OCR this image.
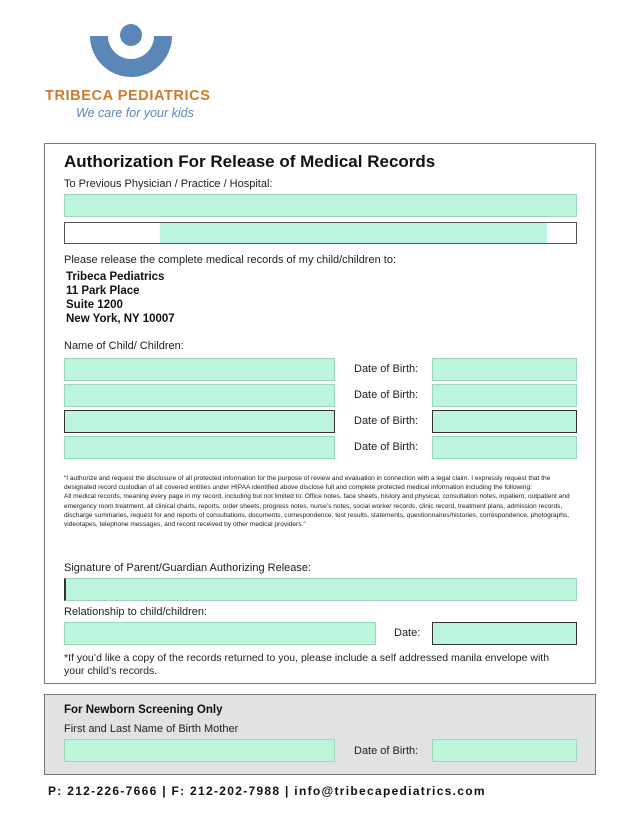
TRIBECA PEDIATRICS
We care for your kids
Authorization For Release of Medical Records
To Previous Physician / Practice / Hospital:
Please release the complete medical records of my child/children to:
Tribeca Pediatrics
11 Park Place
Suite 1200
New York, NY 10007
Name of Child/ Children:
Date of Birth:
Date of Birth:
Date of Birth:
Date of Birth:
“I authorize and request the disclosure of all protected information for the purpose of review and evaluation in connection with a legal claim. I expressly request that the designated record custodian of all covered entities under HIPAA identified above disclose full and complete protected medical information including the following:
All medical records, meaning every page in my record, including but not limited to: Office notes, face sheets, history and physical, consultation notes, inpatient, outpatient and emergency room treatment, all clinical charts, reports, order sheets, progress notes, nurse’s notes, social worker records, clinic record, treatment plans, admission records, discharge summaries, request for and reports of consultations, documents, correspondence, test results, statements, questionnaires/histories, correspondence, photographs, videotapes, telephone messages, and record received by other medical providers.”
Signature of Parent/Guardian Authorizing Release:
Relationship to child/children:
Date:
*If you’d like a copy of the records returned to you, please include a self addressed manila envelope with your child’s records.
For Newborn Screening Only
First and Last Name of Birth Mother
Date of Birth:
P: 212-226-7666 | F: 212-202-7988 | info@tribecapediatrics.com
